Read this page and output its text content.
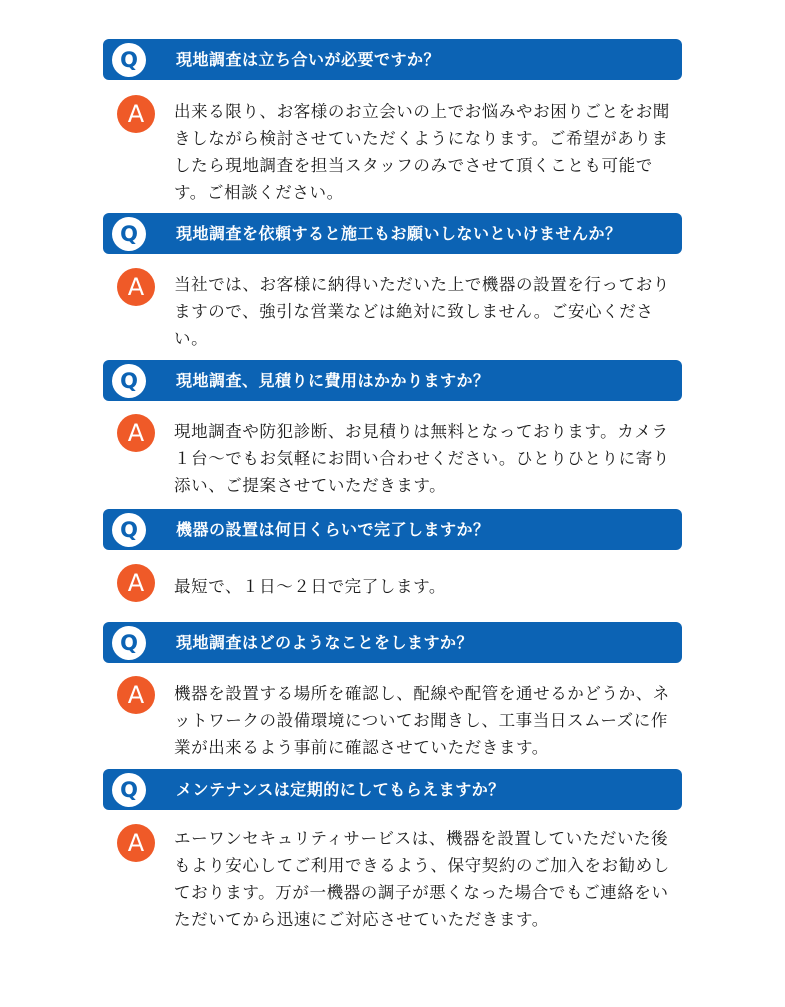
Q	現地調査は立ち合いが必要ですか？
A	出来る限り、お客様のお立会いの上でお悩みやお困りごとをお聞きしながら検討させていただくようになります。ご希望がありましたら現地調査を担当スタッフのみでさせて頂くことも可能です。ご相談ください。

Q	現地調査を依頼すると施工もお願いしないといけませんか？
A	当社では、お客様に納得いただいた上で機器の設置を行っておりますので、強引な営業などは絶対に致しません。ご安心ください。

Q	現地調査、見積りに費用はかかりますか？
A	現地調査や防犯診断、お見積りは無料となっております。カメラ１台〜でもお気軽にお問い合わせください。ひとりひとりに寄り添い、ご提案させていただきます。

Q	機器の設置は何日くらいで完了しますか？
A	最短で、１日〜２日で完了します。

Q	現地調査はどのようなことをしますか？
A	機器を設置する場所を確認し、配線や配管を通せるかどうか、ネットワークの設備環境についてお聞きし、工事当日スムーズに作業が出来るよう事前に確認させていただきます。

Q	メンテナンスは定期的にしてもらえますか？
A	エーワンセキュリティサービスは、機器を設置していただいた後もより安心してご利用できるよう、保守契約のご加入をお勧めしております。万が一機器の調子が悪くなった場合でもご連絡をいただいてから迅速にご対応させていただきます。
